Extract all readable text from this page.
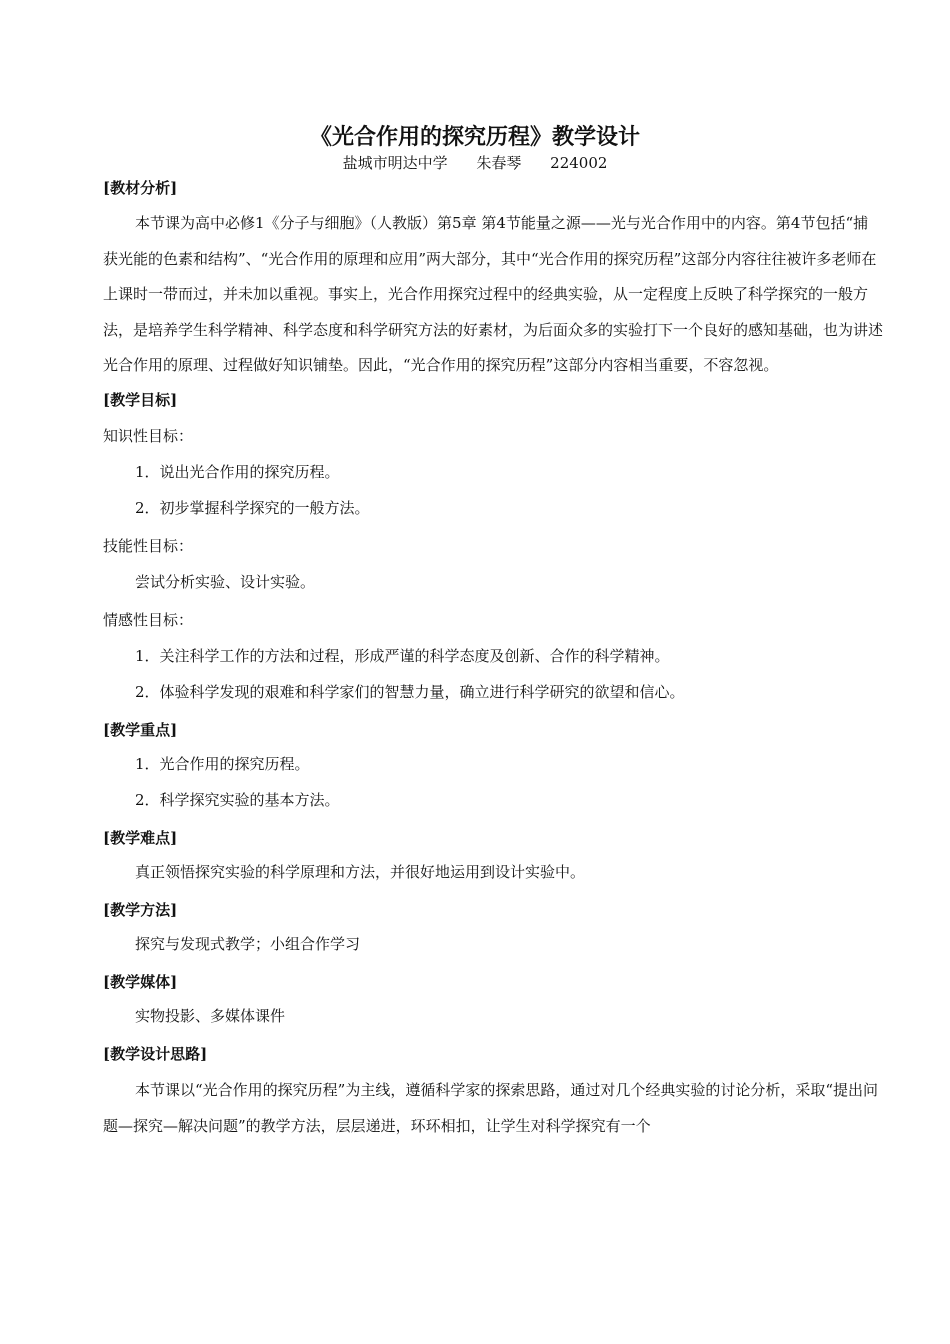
《光合作用的探究历程》教学设计
盐城市明达中学 朱春琴 224002

[教材分析]

本节课为高中必修1《分子与细胞》（人教版）第5章 第4节能量之源——光与光合作用中的内容。第4节包括“捕获光能的色素和结构”、“光合作用的原理和应用”两大部分，其中“光合作用的探究历程”这部分内容往往被许多老师在上课时一带而过，并未加以重视。事实上，光合作用探究过程中的经典实验，从一定程度上反映了科学探究的一般方法，是培养学生科学精神、科学态度和科学研究方法的好素材，为后面众多的实验打下一个良好的感知基础，也为讲述光合作用的原理、过程做好知识铺垫。因此，“光合作用的探究历程”这部分内容相当重要，不容忽视。

[教学目标]

知识性目标：

1．说出光合作用的探究历程。

2．初步掌握科学探究的一般方法。

技能性目标：

尝试分析实验、设计实验。

情感性目标：

1．关注科学工作的方法和过程，形成严谨的科学态度及创新、合作的科学精神。

2．体验科学发现的艰难和科学家们的智慧力量，确立进行科学研究的欲望和信心。

[教学重点]

1．光合作用的探究历程。

2．科学探究实验的基本方法。

[教学难点]

真正领悟探究实验的科学原理和方法，并很好地运用到设计实验中。

[教学方法]

探究与发现式教学；小组合作学习

[教学媒体]

实物投影、多媒体课件

[教学设计思路]

本节课以“光合作用的探究历程”为主线，遵循科学家的探索思路，通过对几个经典实验的讨论分析，采取“提出问题—探究—解决问题”的教学方法，层层递进，环环相扣，让学生对科学探究有一个
